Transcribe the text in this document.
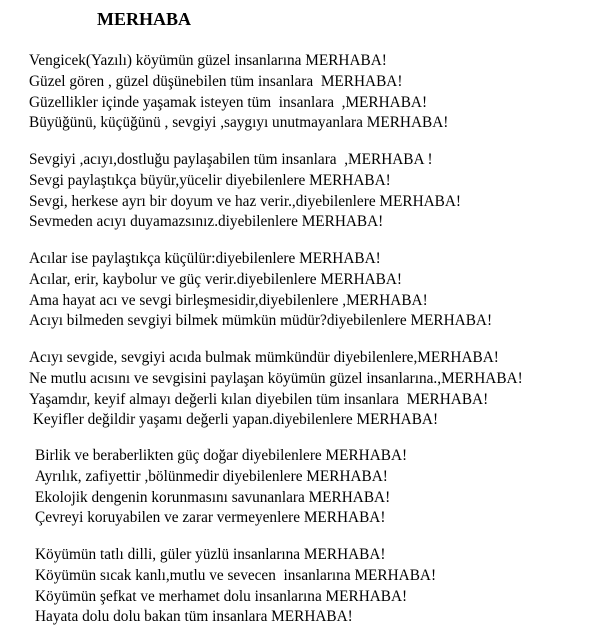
MERHABA
Vengicek(Yazılı) köyümün güzel insanlarına MERHABA!
Güzel gören , güzel düşünebilen tüm insanlara  MERHABA!
Güzellikler içinde yaşamak isteyen tüm  insanlara  ,MERHABA!
Büyüğünü, küçüğünü , sevgiyi ,saygıyı unutmayanlara MERHABA!
Sevgiyi ,acıyı,dostluğu paylaşabilen tüm insanlara  ,MERHABA !
Sevgi paylaştıkça büyür,yücelir diyebilenlere MERHABA!
Sevgi, herkese ayrı bir doyum ve haz verir.,diyebilenlere MERHABA!
Sevmeden acıyı duyamazsınız.diyebilenlere MERHABA!
Acılar ise paylaştıkça küçülür:diyebilenlere MERHABA!
Acılar, erir, kaybolur ve güç verir.diyebilenlere MERHABA!
Ama hayat acı ve sevgi birleşmesidir,diyebilenlere ,MERHABA!
Acıyı bilmeden sevgiyi bilmek mümkün müdür?diyebilenlere MERHABA!
Acıyı sevgide, sevgiyi acıda bulmak mümkündür diyebilenlere,MERHABA!
Ne mutlu acısını ve sevgisini paylaşan köyümün güzel insanlarına.,MERHABA!
Yaşamdır, keyif almayı değerli kılan diyebilen tüm insanlara  MERHABA!
Keyifler değildir yaşamı değerli yapan.diyebilenlere MERHABA!
Birlik ve beraberlikten güç doğar diyebilenlere MERHABA!
Ayrılık, zafiyettir ,bölünmedir diyebilenlere MERHABA!
Ekolojik dengenin korunmasını savunanlara MERHABA!
Çevreyi koruyabilen ve zarar vermeyenlere MERHABA!
Köyümün tatlı dilli, güler yüzlü insanlarına MERHABA!
Köyümün sıcak kanlı,mutlu ve sevecen  insanlarına MERHABA!
Köyümün şefkat ve merhamet dolu insanlarına MERHABA!
Hayata dolu dolu bakan tüm insanlara MERHABA!
